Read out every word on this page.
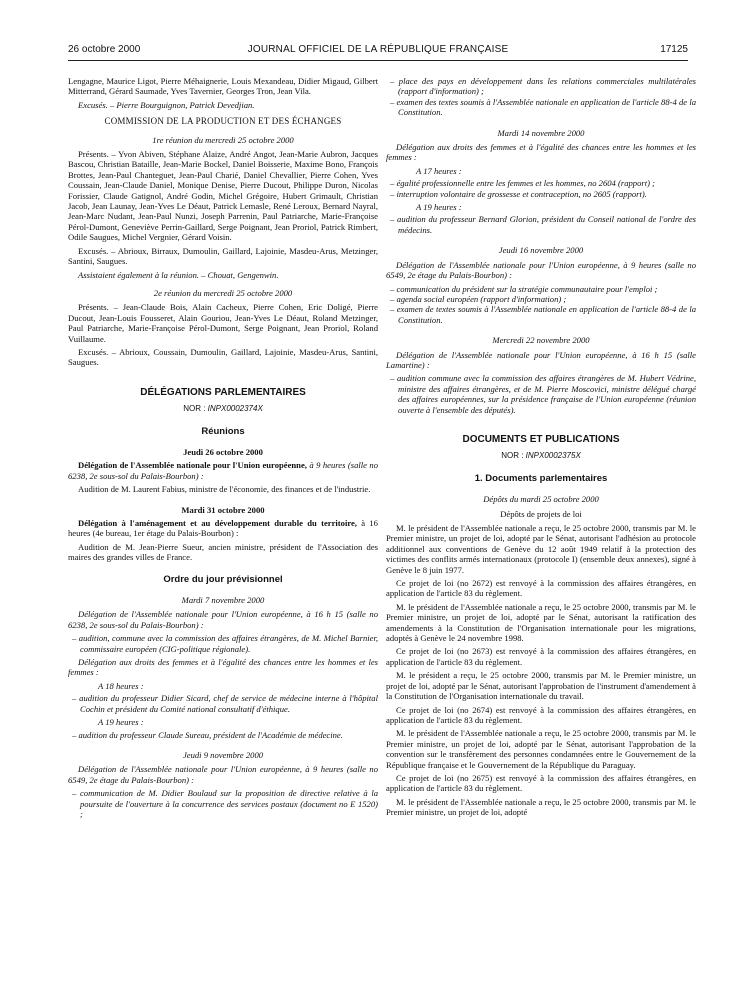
26 octobre 2000	JOURNAL OFFICIEL DE LA RÉPUBLIQUE FRANÇAISE	17125

Lengagne, Maurice Ligot, Pierre Méhaignerie, Louis Mexandeau, Didier Migaud, Gilbert Mitterrand, Gérard Saumade, Yves Tavernier, Georges Tron, Jean Vila.

Excusés. – Pierre Bourguignon, Patrick Devedjian.

COMMISSION DE LA PRODUCTION ET DES ÉCHANGES
1re réunion du mercredi 25 octobre 2000

Présents. – Yvon Abiven, Stéphane Alaize, André Angot, Jean-Marie Aubron, Jacques Bascou, Christian Bataille, Jean-Marie Bockel, Daniel Boisserie, Maxime Bono, François Brottes, Jean-Paul Chanteguet, Jean-Paul Charié, Daniel Chevallier, Pierre Cohen, Yves Coussain, Jean-Claude Daniel, Monique Denise, Pierre Ducout, Philippe Duron, Nicolas Forissier, Claude Gatignol, André Godin, Michel Grégoire, Hubert Grimault, Christian Jacob, Jean Launay, Jean-Yves Le Déaut, Patrick Lemasle, René Leroux, Bernard Nayral, Jean-Marc Nudant, Jean-Paul Nunzi, Joseph Parrenin, Paul Patriarche, Marie-Françoise Pérol-Dumont, Geneviève Perrin-Gaillard, Serge Poignant, Jean Proriol, Patrick Rimbert, Odile Saugues, Michel Vergnier, Gérard Voisin.

Excusés. – Abrioux, Birraux, Dumoulin, Gaillard, Lajoinie, Masdeu-Arus, Metzinger, Santini, Saugues.

Assistaient également à la réunion. – Chouat, Gengenwin.

2e réunion du mercredi 25 octobre 2000

Présents. – Jean-Claude Bois, Alain Cacheux, Pierre Cohen, Eric Doligé, Pierre Ducout, Jean-Louis Fousseret, Alain Gouriou, Jean-Yves Le Déaut, Roland Metzinger, Paul Patriarche, Marie-Françoise Pérol-Dumont, Serge Poignant, Jean Proriol, Roland Vuillaume.

Excusés. – Abrioux, Coussain, Dumoulin, Gaillard, Lajoinie, Masdeu-Arus, Santini, Saugues.

DÉLÉGATIONS PARLEMENTAIRES
NOR : INPX0002374X
Réunions
Jeudi 26 octobre 2000

Délégation de l'Assemblée nationale pour l'Union européenne, à 9 heures (salle no 6238, 2e sous-sol du Palais-Bourbon) :

Audition de M. Laurent Fabius, ministre de l'économie, des finances et de l'industrie.

Mardi 31 octobre 2000

Délégation à l'aménagement et au développement durable du territoire, à 16 heures (4e bureau, 1er étage du Palais-Bourbon) :

Audition de M. Jean-Pierre Sueur, ancien ministre, président de l'Association des maires des grandes villes de France.

Ordre du jour prévisionnel
Mardi 7 novembre 2000

Délégation de l'Assemblée nationale pour l'Union européenne, à 16 h 15 (salle no 6238, 2e sous-sol du Palais-Bourbon) :

– audition, commune avec la commission des affaires étrangères, de M. Michel Barnier, commissaire européen (CIG-politique régionale).

Délégation aux droits des femmes et à l'égalité des chances entre les hommes et les femmes :

A 18 heures :
– audition du professeur Didier Sicard, chef de service de médecine interne à l'hôpital Cochin et président du Comité national consultatif d'éthique.
A 19 heures :
– audition du professeur Claude Sureau, président de l'Académie de médecine.
Jeudi 9 novembre 2000

Délégation de l'Assemblée nationale pour l'Union européenne, à 9 heures (salle no 6549, 2e étage du Palais-Bourbon) :

– communication de M. Didier Boulaud sur la proposition de directive relative à la poursuite de l'ouverture à la concurrence des services postaux (document no E 1520) ;
– place des pays en développement dans les relations commerciales multilatérales (rapport d'information) ;
– examen des textes soumis à l'Assemblée nationale en application de l'article 88-4 de la Constitution.
Mardi 14 novembre 2000

Délégation aux droits des femmes et à l'égalité des chances entre les hommes et les femmes :

A 17 heures :
– égalité professionnelle entre les femmes et les hommes, no 2604 (rapport) ;
– interruption volontaire de grossesse et contraception, no 2605 (rapport).
A 19 heures :
– audition du professeur Bernard Glorion, président du Conseil national de l'ordre des médecins.
Jeudi 16 novembre 2000

Délégation de l'Assemblée nationale pour l'Union européenne, à 9 heures (salle no 6549, 2e étage du Palais-Bourbon) :

– communication du président sur la stratégie communautaire pour l'emploi ;
– agenda social européen (rapport d'information) ;
– examen de textes soumis à l'Assemblée nationale en application de l'article 88-4 de la Constitution.
Mercredi 22 novembre 2000

Délégation de l'Assemblée nationale pour l'Union européenne, à 16 h 15 (salle Lamartine) :

– audition commune avec la commission des affaires étrangères de M. Hubert Védrine, ministre des affaires étrangères, et de M. Pierre Moscovici, ministre délégué chargé des affaires européennes, sur la présidence française de l'Union européenne (réunion ouverte à l'ensemble des députés).
DOCUMENTS ET PUBLICATIONS
NOR : INPX0002375X
1. Documents parlementaires
Dépôts du mardi 25 octobre 2000
Dépôts de projets de loi

M. le président de l'Assemblée nationale a reçu, le 25 octobre 2000, transmis par M. le Premier ministre, un projet de loi, adopté par le Sénat, autorisant l'adhésion au protocole additionnel aux conventions de Genève du 12 août 1949 relatif à la protection des victimes des conflits armés internationaux (protocole I) (ensemble deux annexes), signé à Genève le 8 juin 1977.

Ce projet de loi (no 2672) est renvoyé à la commission des affaires étrangères, en application de l'article 83 du règlement.

M. le président de l'Assemblée nationale a reçu, le 25 octobre 2000, transmis par M. le Premier ministre, un projet de loi, adopté par le Sénat, autorisant la ratification des amendements à la Constitution de l'Organisation internationale pour les migrations, adoptés à Genève le 24 novembre 1998.

Ce projet de loi (no 2673) est renvoyé à la commission des affaires étrangères, en application de l'article 83 du règlement.

M. le président a reçu, le 25 octobre 2000, transmis par M. le Premier ministre, un projet de loi, adopté par le Sénat, autorisant l'approbation de l'instrument d'amendement à la Constitution de l'Organisation internationale du travail.

Ce projet de loi (no 2674) est renvoyé à la commission des affaires étrangères, en application de l'article 83 du règlement.

M. le président de l'Assemblée nationale a reçu, le 25 octobre 2000, transmis par M. le Premier ministre, un projet de loi, adopté par le Sénat, autorisant l'approbation de la convention sur le transfèrement des personnes condamnées entre le Gouvernement de la République française et le Gouvernement de la République du Paraguay.

Ce projet de loi (no 2675) est renvoyé à la commission des affaires étrangères, en application de l'article 83 du règlement.

M. le président de l'Assemblée nationale a reçu, le 25 octobre 2000, transmis par M. le Premier ministre, un projet de loi, adopté
